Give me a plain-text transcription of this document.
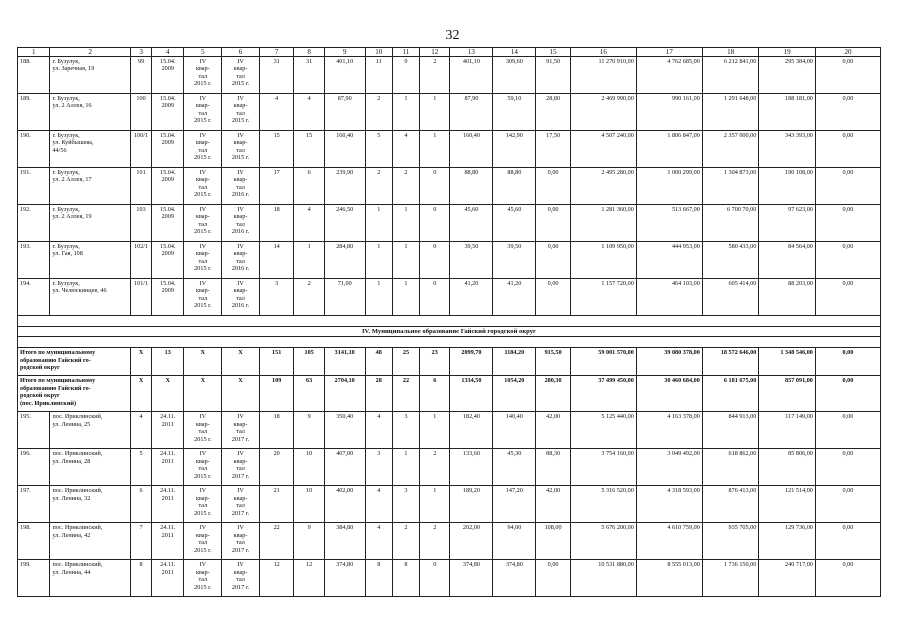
32
1	2	3	4	5	6	7	8	9	10	11	12	13	14	15	16	17	18	19	20
188.	г. Бузулук,
ул. Заречная, 19	99	15.04.
2009	IV
квар-
тал
2015 г.	IV
квар-
тал
2015 г.	31	31	401,10	11	9	2	401,10	309,60	91,50	11 270 910,00	4 762 685,00	6 212 841,00	295 384,00	0,00
189.	г. Бузулук,
ул. 2 Аллея, 16	100	15.04.
2009	IV
квар-
тал
2015 г.	IV
квар-
тал
2015 г.	4	4	87,90	2	1	1	87,90	59,10	28,80	2 469 990,00	990 161,00	1 291 648,00	188 181,00	0,00
190.	г. Бузулук,
ул. Куйбышева,
44/56	100/1	15.04.
2009	IV
квар-
тал
2015 г.	IV
квар-
тал
2015 г.	15	15	160,40	5	4	1	160,40	142,90	17,50	4 507 240,00	1 806 847,00	2 357 000,00	343 393,00	0,00
191.	г. Бузулук,
ул. 2 Аллея, 17	101	15.04.
2009	IV
квар-
тал
2015 г.	IV
квар-
тал
2016 г.	17	6	239,90	2	2	0	88,80	88,80	0,00	2 495 280,00	1 000 299,00	1 304 873,00	190 108,00	0,00
192.	г. Бузулук,
ул. 2 Аллея, 19	103	15.04.
2009	IV
квар-
тал
2015 г.	IV
квар-
тал
2016 г.	18	4	246,50	1	1	0	45,60	45,60	0,00	1 281 360,00	513 667,00	6 700 70,00	97 623,00	0,00
193.	г. Бузулук,
ул. Гая, 108	102/1	15.04.
2009	IV
квар-
тал
2015 г.	IV
квар-
тал
2016 г.	14	1	284,80	1	1	0	39,50	39,50	0,00	1 109 950,00	444 953,00	580 433,00	84 564,00	0,00
194.	г. Бузулук,
ул. Челюскинцев, 46	101/1	15.04.
2009	IV
квар-
тал
2015 г.	IV
квар-
тал
2016 г.	3	2	71,00	1	1	0	41,20	41,20	0,00	1 157 720,00	464 103,00	605 414,00	88 203,00	0,00

IV. Муниципальное образование Гайский городской округ																			

Итого по муниципальному
образованию Гайский го-
родской округ		X	13	X	X	151	105	3141,10	48	25	23	2099,70	1184,20	915,50	59 001 570,00	39 080 378,00	18 572 646,00	1 348 546,00	0,00

Итого по муниципальному
образованию Гайский го-
родской округ
(пос. Ириклинский)		X	X	X	X	109	63	2704,10	28	22	6	1334,50	1054,20	280,30	37 499 450,00	30 460 684,00	6 181 675,00	857 091,00	0,00
195.	пос. Ириклинский,
ул. Ленина, 25	4	24.11.
2011	IV
квар-
тал
2015 г.	IV
квар-
тал
2017 г.	18	9	350,40	4	3	1	182,40	140,40	42,00	5 125 440,00	4 163 378,00	844 913,00	117 149,00	0,00
196.	пос. Ириклинский,
ул. Ленина, 28	5	24.11.
2011	IV
квар-
тал
2015 г.	IV
квар-
тал
2017 г.	20	10	407,00	3	1	2	133,60	45,30	88,30	3 754 160,00	3 049 492,00	618 862,00	85 806,00	0,00
197.	пос. Ириклинский,
ул. Ленина, 32	6	24.11.
2011	IV
квар-
тал
2015 г.	IV
квар-
тал
2017 г.	21	10	402,00	4	3	1	189,20	147,20	42,00	5 316 520,00	4 318 593,00	876 413,00	121 514,00	0,00
198.	пос. Ириклинский,
ул. Ленина, 42	7	24.11.
2011	IV
квар-
тал
2015 г.	IV
квар-
тал
2017 г.	22	9	384,80	4	2	2	202,00	94,00	108,00	5 676 200,00	4 610 759,00	935 705,00	129 736,00	0,00
199.	пос. Ириклинский,
ул. Ленина, 44	8	24.11.
2011	IV
квар-
тал
2015 г.	IV
квар-
тал
2017 г.	12	12	374,80	8	8	0	374,80	374,80	0,00	10 531 880,00	8 555 013,00	1 736 150,00	240 717,00	0,00
